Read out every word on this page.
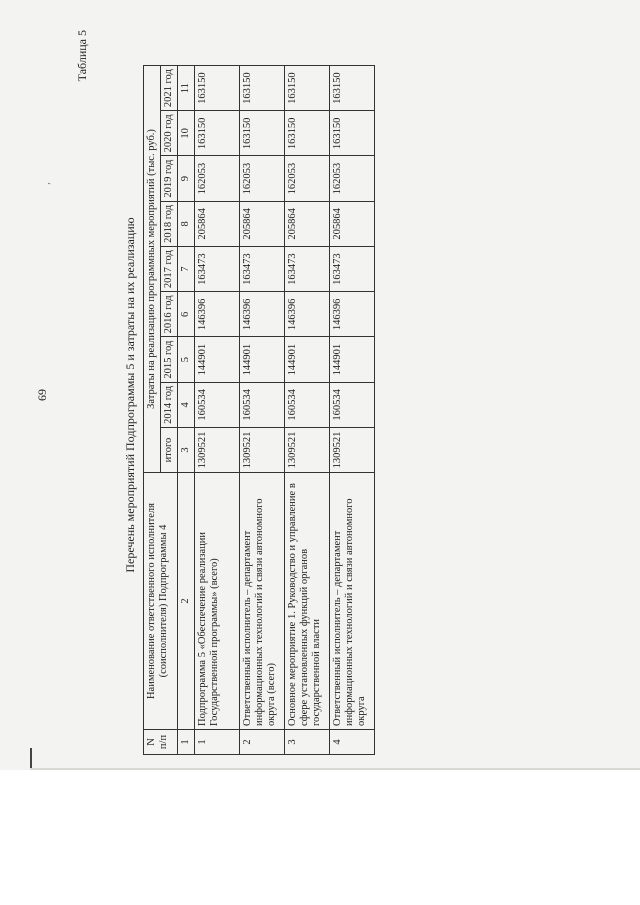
,
69
Таблица 5
Перечень мероприятий Подпрограммы 5 и затраты на их реализацию
N п/п	Наименование ответственного исполнителя (соисполнителя) Подпрограммы 4	Затраты на реализацию программных мероприятий (тыс. руб.)								
		итого	2014 год	2015 год	2016 год	2017 год	2018 год	2019 год	2020 год	2021 год
1	2	3	4	5	6	7	8	9	10	11
1	Подпрограмма 5 «Обеспечение реализации Государственной программы» (всего)	1309521	160534	144901	146396	163473	205864	162053	163150	163150
2	Ответственный исполнитель – департамент информационных технологий и связи автономного округа (всего)	1309521	160534	144901	146396	163473	205864	162053	163150	163150
3	Основное мероприятие 1. Руководство и управление в сфере установленных функций органов государственной власти	1309521	160534	144901	146396	163473	205864	162053	163150	163150
4	Ответственный исполнитель – департамент информационных технологий и связи автономного округа	1309521	160534	144901	146396	163473	205864	162053	163150	163150
